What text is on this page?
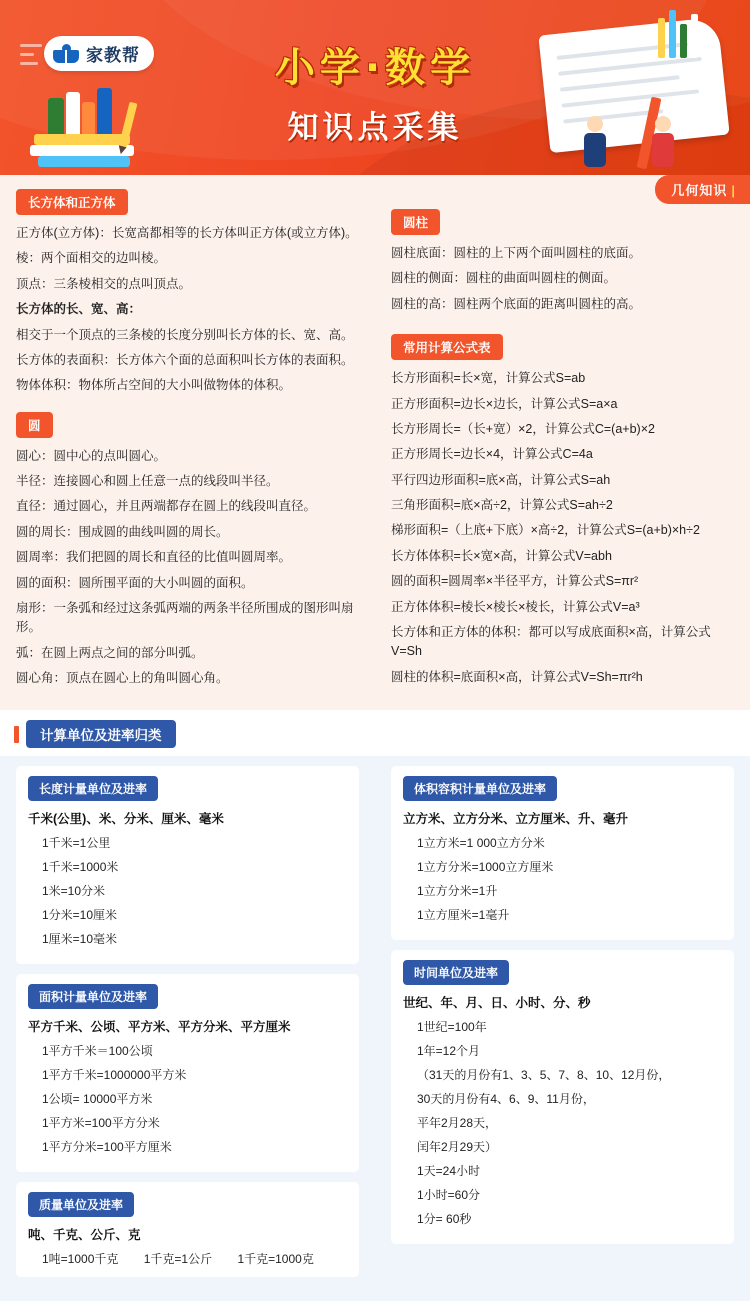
家教帮	小学·数学
知识点采集
长方体和正方体
正方体(立方体)：长宽高都相等的长方体叫正方体(或立方体)。
棱：两个面相交的边叫棱。
顶点：三条棱相交的点叫顶点。
长方体的长、宽、高：
相交于一个顶点的三条棱的长度分别叫长方体的长、宽、高。
长方体的表面积：长方体六个面的总面积叫长方体的表面积。
物体体积：物体所占空间的大小叫做物体的体积。
圆
圆心：圆中心的点叫圆心。
半径：连接圆心和圆上任意一点的线段叫半径。
直径：通过圆心，并且两端都存在圆上的线段叫直径。
圆的周长：围成圆的曲线叫圆的周长。
圆周率：我们把圆的周长和直径的比值叫圆周率。
圆的面积：圆所围平面的大小叫圆的面积。
扇形：一条弧和经过这条弧两端的两条半径所围成的图形叫扇形。
弧：在圆上两点之间的部分叫弧。
圆心角：顶点在圆心上的角叫圆心角。
几何知识 |
圆柱
圆柱底面：圆柱的上下两个面叫圆柱的底面。
圆柱的侧面：圆柱的曲面叫圆柱的侧面。
圆柱的高：圆柱两个底面的距离叫圆柱的高。
常用计算公式表
长方形面积=长×宽，计算公式S=ab
正方形面积=边长×边长，计算公式S=a×a
长方形周长=（长+宽）×2，计算公式C=(a+b)×2
正方形周长=边长×4，计算公式C=4a
平行四边形面积=底×高，计算公式S=ah
三角形面积=底×高÷2，计算公式S=ah÷2
梯形面积=（上底+下底）×高÷2，计算公式S=(a+b)×h÷2
长方体体积=长×宽×高，计算公式V=abh
圆的面积=圆周率×半径平方，计算公式S=πr²
正方体体积=棱长×棱长×棱长，计算公式V=a³
长方体和正方体的体积：都可以写成底面积×高，计算公式V=Sh
圆柱的体积=底面积×高，计算公式V=Sh=πr²h
计算单位及进率归类
长度计量单位及进率
千米(公里)、米、分米、厘米、毫米
1千米=1公里
1千米=1000米
1米=10分米
1分米=10厘米
1厘米=10毫米
面积计量单位及进率
平方千米、公顷、平方米、平方分米、平方厘米
1平方千米＝100公顷
1平方千米=1000000平方米
1公顷= 10000平方米
1平方米=100平方分米
1平方分米=100平方厘米
质量单位及进率
吨、千克、公斤、克
1吨=1000千克 1千克=1公斤 1千克=1000克
体积容积计量单位及进率
立方米、立方分米、立方厘米、升、毫升
1立方米=1 000立方分米
1立方分米=1000立方厘米
1立方分米=1升
1立方厘米=1毫升
时间单位及进率
世纪、年、月、日、小时、分、秒
1世纪=100年
1年=12个月
（31天的月份有1、3、5、7、8、10、12月份，
30天的月份有4、6、9、11月份，
平年2月28天，
闰年2月29天）
1天=24小时
1小时=60分
1分= 60秒
